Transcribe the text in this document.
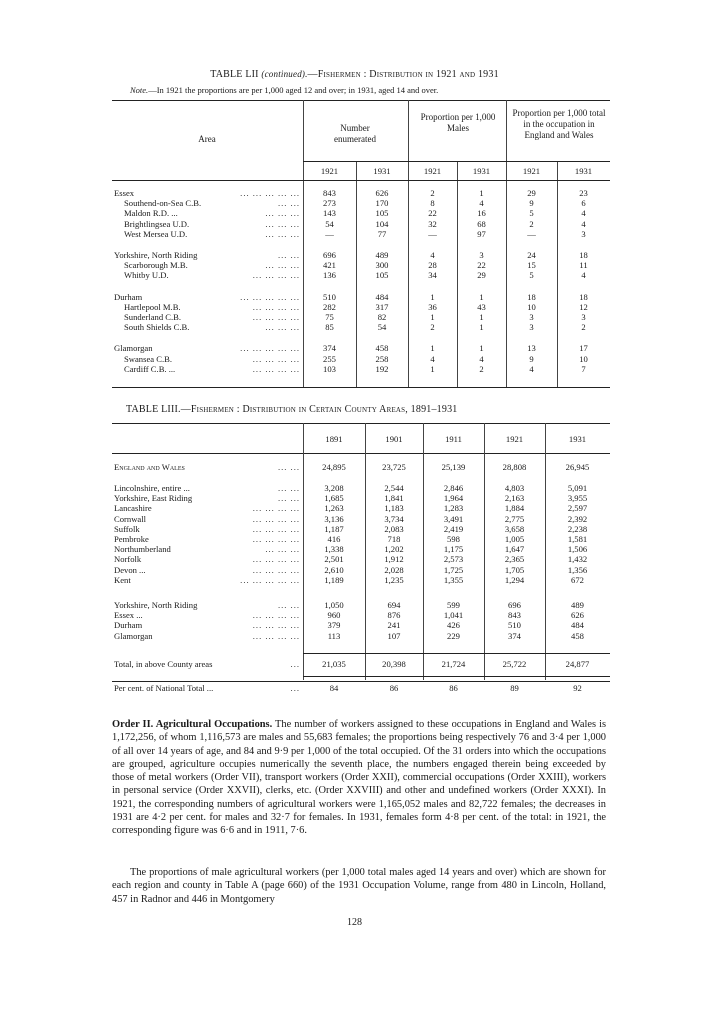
TABLE LII (continued).—Fishermen : Distribution in 1921 and 1931
Note.—In 1921 the proportions are per 1,000 aged 12 and over; in 1931, aged 14 and over.
Area
Number enumerated
Proportion per 1,000 Males
Proportion per 1,000 total in the occupation in England and Wales
1921	1931	1921	1931	1921	1931
Essex	... ... ... ... ...	843	626	2	1	29	23
Southend-on-Sea C.B.	... ...	273	170	8	4	9	6
Maldon R.D. ...	... ... ...	143	105	22	16	5	4
Brightlingsea U.D.	... ... ...	54	104	32	68	2	4
West Mersea U.D.	... ... ...	—	77	—	97	—	3
Yorkshire, North Riding	... ...	696	489	4	3	24	18
Scarborough M.B.	... ... ...	421	300	28	22	15	11
Whitby U.D.	... ... ... ...	136	105	34	29	5	4
Durham	... ... ... ... ...	510	484	1	1	18	18
Hartlepool M.B.	... ... ... ...	282	317	36	43	10	12
Sunderland C.B.	... ... ... ...	75	82	1	1	3	3
South Shields C.B.	... ... ...	85	54	2	1	3	2
Glamorgan	... ... ... ... ...	374	458	1	1	13	17
Swansea C.B.	... ... ... ...	255	258	4	4	9	10
Cardiff C.B. ...	... ... ... ...	103	192	1	2	4	7
TABLE LIII.—Fishermen : Distribution in Certain County Areas, 1891–1931
1891	1901	1911	1921	1931
England and Wales	... ...	24,895	23,725	25,139	28,808	26,945
Lincolnshire, entire ...	... ...	3,208	2,544	2,846	4,803	5,091
Yorkshire, East Riding	... ...	1,685	1,841	1,964	2,163	3,955
Lancashire	... ... ... ...	1,263	1,183	1,283	1,884	2,597
Cornwall	... ... ... ...	3,136	3,734	3,491	2,775	2,392
Suffolk	... ... ... ...	1,187	2,083	2,419	3,658	2,238
Pembroke	... ... ... ...	416	718	598	1,005	1,581
Northumberland	... ... ...	1,338	1,202	1,175	1,647	1,506
Norfolk	... ... ... ...	2,501	1,912	2,573	2,365	1,432
Devon ...	... ... ... ...	2,610	2,028	1,725	1,705	1,356
Kent	... ... ... ... ...	1,189	1,235	1,355	1,294	672
Yorkshire, North Riding	... ...	1,050	694	599	696	489
Essex ...	... ... ... ...	960	876	1,041	843	626
Durham	... ... ... ...	379	241	426	510	484
Glamorgan	... ... ... ...	113	107	229	374	458
Total, in above County areas	...	21,035	20,398	21,724	25,722	24,877
Per cent. of National Total ...	...	84	86	86	89	92
Order II. Agricultural Occupations. The number of workers assigned to these occupations in England and Wales is 1,172,256, of whom 1,116,573 are males and 55,683 females; the proportions being respectively 76 and 3·4 per 1,000 of all over 14 years of age, and 84 and 9·9 per 1,000 of the total occupied. Of the 31 orders into which the occupations are grouped, agriculture occupies numerically the seventh place, the numbers engaged therein being exceeded by those of metal workers (Order VII), transport workers (Order XXII), commercial occupations (Order XXIII), workers in personal service (Order XXVII), clerks, etc. (Order XXVIII) and other and undefined workers (Order XXXI). In 1921, the corresponding numbers of agricultural workers were 1,165,052 males and 82,722 females; the decreases in 1931 are 4·2 per cent. for males and 32·7 for females. In 1931, females form 4·8 per cent. of the total: in 1921, the corresponding figure was 6·6 and in 1911, 7·6.
The proportions of male agricultural workers (per 1,000 total males aged 14 years and over) which are shown for each region and county in Table A (page 660) of the 1931 Occupation Volume, range from 480 in Lincoln, Holland, 457 in Radnor and 446 in Montgomery
128
